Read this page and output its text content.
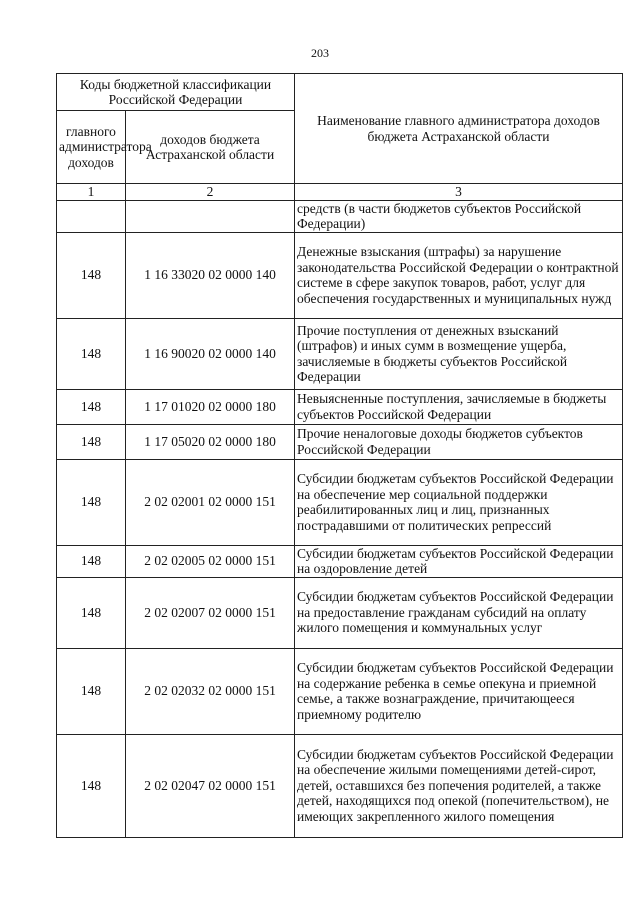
203
Коды бюджетной классификации Российской Федерации		Наименование главного администратора доходов бюджета Астраханской области
главного администратора доходов	доходов бюджета Астраханской области	
1	2	3
		средств (в части бюджетов субъектов Российской Федерации)
148	1 16 33020 02 0000 140	Денежные взыскания (штрафы) за нарушение законодательства Российской Федерации о контрактной системе в сфере закупок товаров, работ, услуг для обеспечения государственных и муниципальных нужд
148	1 16 90020 02 0000 140	Прочие поступления от денежных взысканий (штрафов) и иных сумм в возмещение ущерба, зачисляемые в бюджеты субъектов Российской Федерации
148	1 17 01020 02 0000 180	Невыясненные поступления, зачисляемые в бюджеты субъектов Российской Федерации
148	1 17 05020 02 0000 180	Прочие неналоговые доходы бюджетов субъектов Российской Федерации
148	2 02 02001 02 0000 151	Субсидии бюджетам субъектов Российской Федерации на обеспечение мер социальной поддержки реабилитированных лиц и лиц, признанных пострадавшими от политических репрессий
148	2 02 02005 02 0000 151	Субсидии бюджетам субъектов Российской Федерации на оздоровление детей
148	2 02 02007 02 0000 151	Субсидии бюджетам субъектов Российской Федерации на предоставление гражданам субсидий на оплату жилого помещения и коммунальных услуг
148	2 02 02032 02 0000 151	Субсидии бюджетам субъектов Российской Федерации на содержание ребенка в семье опекуна и приемной семье, а также вознаграждение, причитающееся приемному родителю
148	2 02 02047 02 0000 151	Субсидии бюджетам субъектов Российской Федерации на обеспечение жилыми помещениями детей-сирот, детей, оставшихся без попечения родителей, а также детей, находящихся под опекой (попечительством), не имеющих закрепленного жилого помещения
